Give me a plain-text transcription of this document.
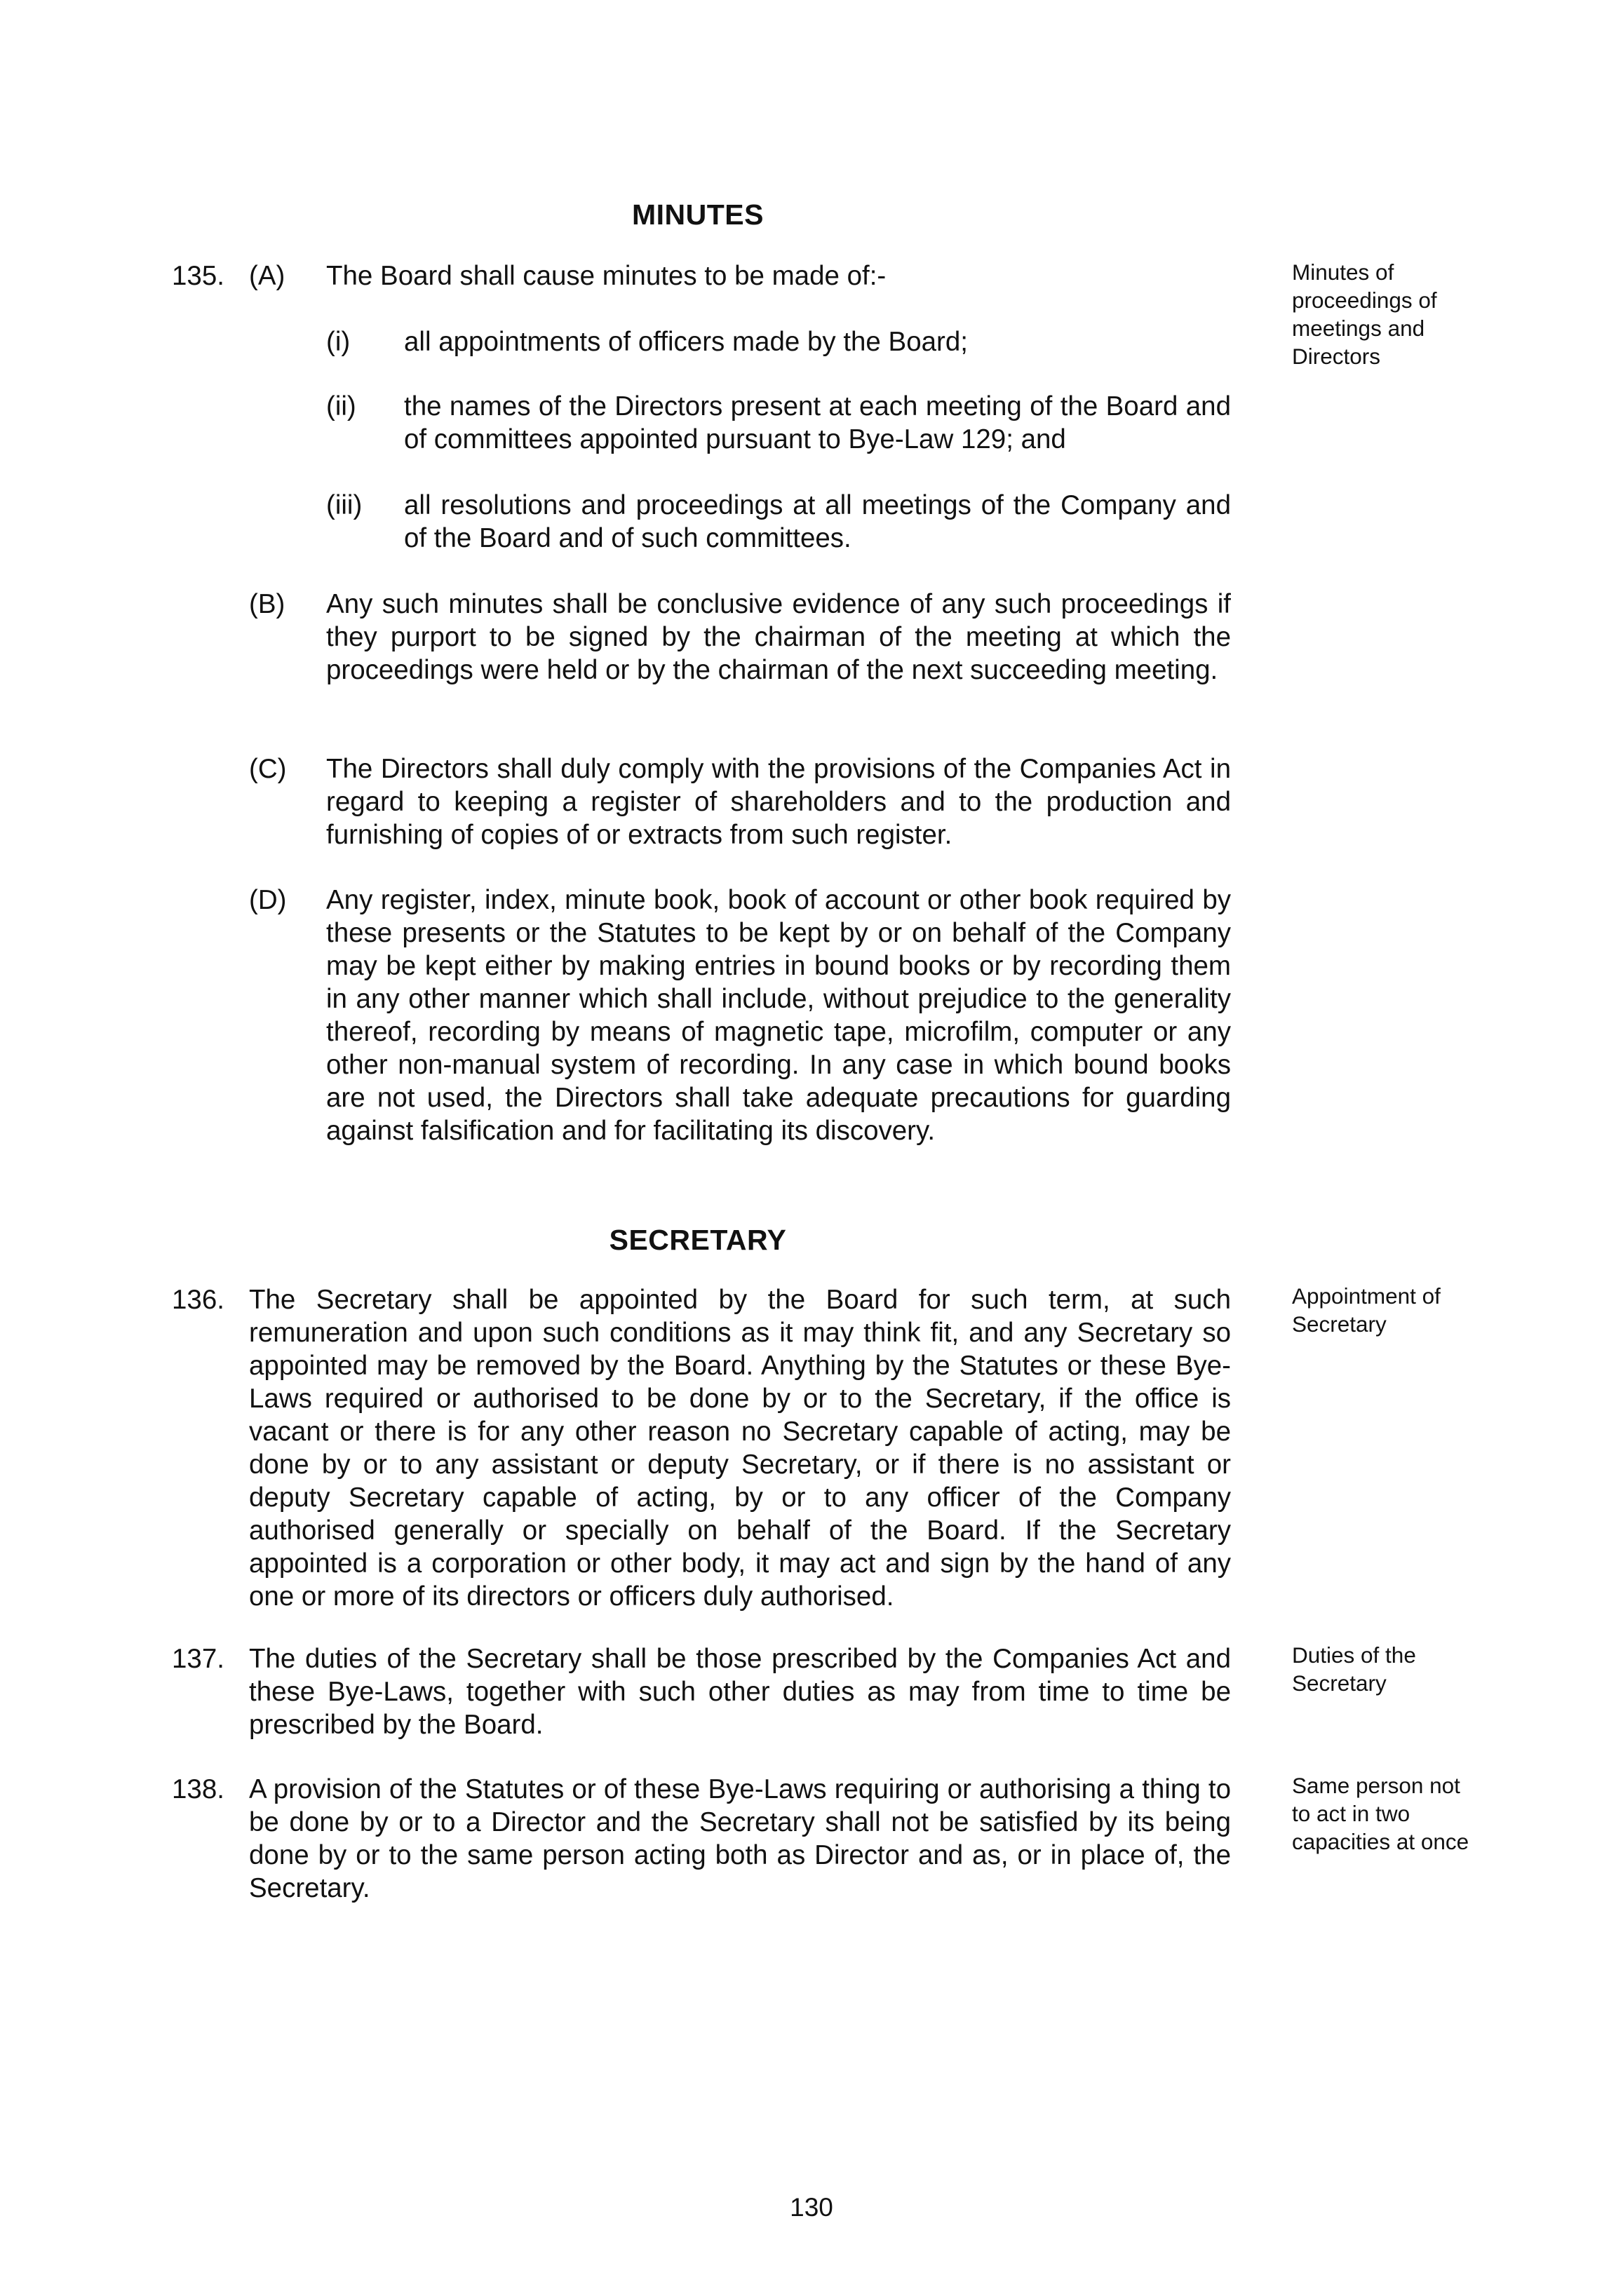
MINUTES
135. (A) The Board shall cause minutes to be made of:-
(i) all appointments of officers made by the Board;
(ii) the names of the Directors present at each meeting of the Board and of committees appointed pursuant to Bye-Law 129; and
(iii) all resolutions and proceedings at all meetings of the Company and of the Board and of such committees.
(B) Any such minutes shall be conclusive evidence of any such proceedings if they purport to be signed by the chairman of the meeting at which the proceedings were held or by the chairman of the next succeeding meeting.
(C) The Directors shall duly comply with the provisions of the Companies Act in regard to keeping a register of shareholders and to the production and furnishing of copies of or extracts from such register.
(D) Any register, index, minute book, book of account or other book required by these presents or the Statutes to be kept by or on behalf of the Company may be kept either by making entries in bound books or by recording them in any other manner which shall include, without prejudice to the generality thereof, recording by means of magnetic tape, microfilm, computer or any other non-manual system of recording. In any case in which bound books are not used, the Directors shall take adequate precautions for guarding against falsification and for facilitating its discovery.
Minutes of proceedings of meetings and Directors
SECRETARY
136. The Secretary shall be appointed by the Board for such term, at such remuneration and upon such conditions as it may think fit, and any Secretary so appointed may be removed by the Board. Anything by the Statutes or these Bye-Laws required or authorised to be done by or to the Secretary, if the office is vacant or there is for any other reason no Secretary capable of acting, may be done by or to any assistant or deputy Secretary, or if there is no assistant or deputy Secretary capable of acting, by or to any officer of the Company authorised generally or specially on behalf of the Board. If the Secretary appointed is a corporation or other body, it may act and sign by the hand of any one or more of its directors or officers duly authorised.
Appointment of Secretary
137. The duties of the Secretary shall be those prescribed by the Companies Act and these Bye-Laws, together with such other duties as may from time to time be prescribed by the Board.
Duties of the Secretary
138. A provision of the Statutes or of these Bye-Laws requiring or authorising a thing to be done by or to a Director and the Secretary shall not be satisfied by its being done by or to the same person acting both as Director and as, or in place of, the Secretary.
Same person not to act in two capacities at once
130
